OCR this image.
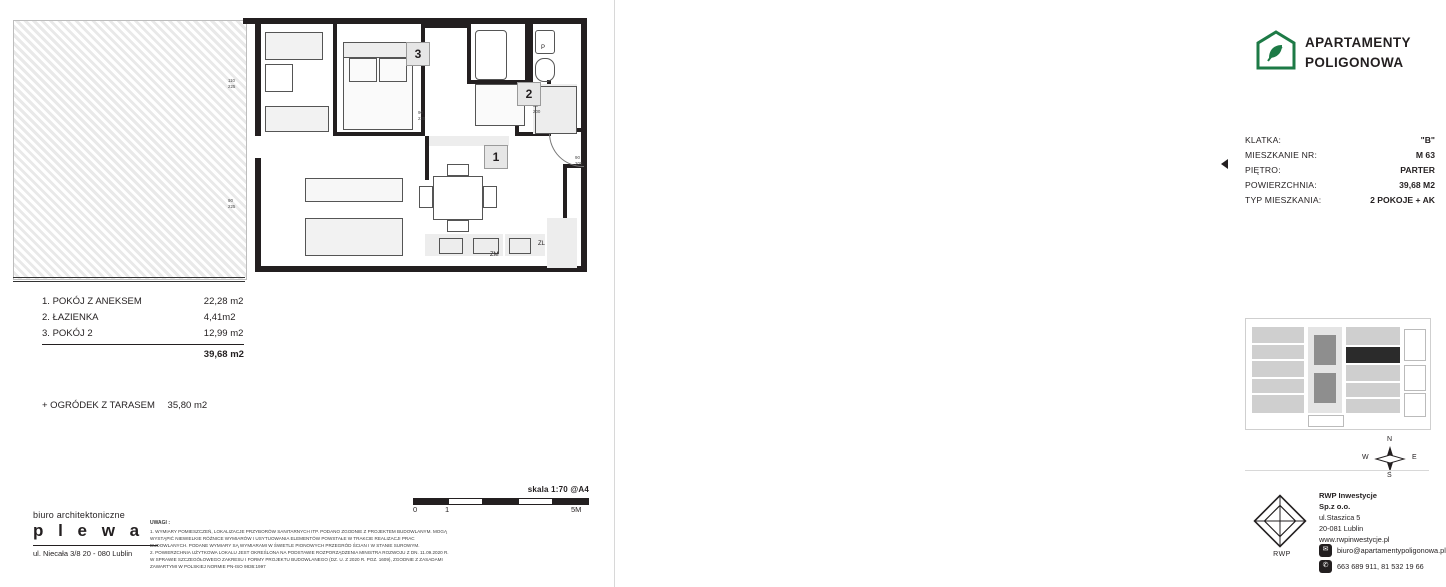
110
225
90
225
90
225
90
200

200
1
2
3	P
ZL
ZM
1. POKÓJ Z ANEKSEM	22,28 m2
2. ŁAZIENKA	4,41m2
3. POKÓJ 2	12,99 m2
	39,68 m2
+ OGRÓDEK Z TARASEM 35,80 m2
skala 1:70 @A4
0	1	5M
biuro architektoniczne
p l e w a
ul. Niecała 3/8 20 - 080 Lublin
UWAGI :
1. WYMIARY POMIESZCZEŃ, LOKALIZACJE PRZYBORÓW SANITARNYCH ITP. PODANO ZGODNIE Z PROJEKTEM BUDOWLANYM. MOGĄ WYSTĄPIĆ NIEWIELKIE RÓŻNICE WYMIARÓW I USYTUOWANIA ELEMENTÓW POWSTAŁE W TRAKCIE REALIZACJI PRAC BUDOWLANYCH. PODANE WYMIARY SĄ WYMIARAMI W ŚWIETLE PIONOWYCH PRZEGRÓD ŚCIAN I W STANIE SUROWYM.
2. POWIERZCHNIA UŻYTKOWA LOKALU JEST OKREŚLONA NA PODSTAWIE ROZPORZĄDZENIA MINISTRA ROZWOJU Z DN. 11.09.2020 R. W SPRAWIE SZCZEGÓŁOWEGO ZAKRESU I FORMY PROJEKTU BUDOWLANEGO (DZ. U. Z 2020 R. POZ. 1609), ZGODNIE Z ZASADAMI ZAWARTYMI W POLSKIEJ NORMIE PN-ISO 9836:1997
APARTAMENTY
POLIGONOWA
KLATKA:	"B"
MIESZKANIE NR:	M 63
PIĘTRO:	PARTER
POWIERZCHNIA:	39,68 M2
TYP MIESZKANIA:	2 POKOJE + AK
N
S
W	E
RWP
RWP Inwestycje Sp.z o.o.
ul.Staszica 5
20-081 Lublin
www.rwpinwestycje.pl
✉	biuro@apartamentypoligonowa.pl
✆	663 689 911, 81 532 19 66
